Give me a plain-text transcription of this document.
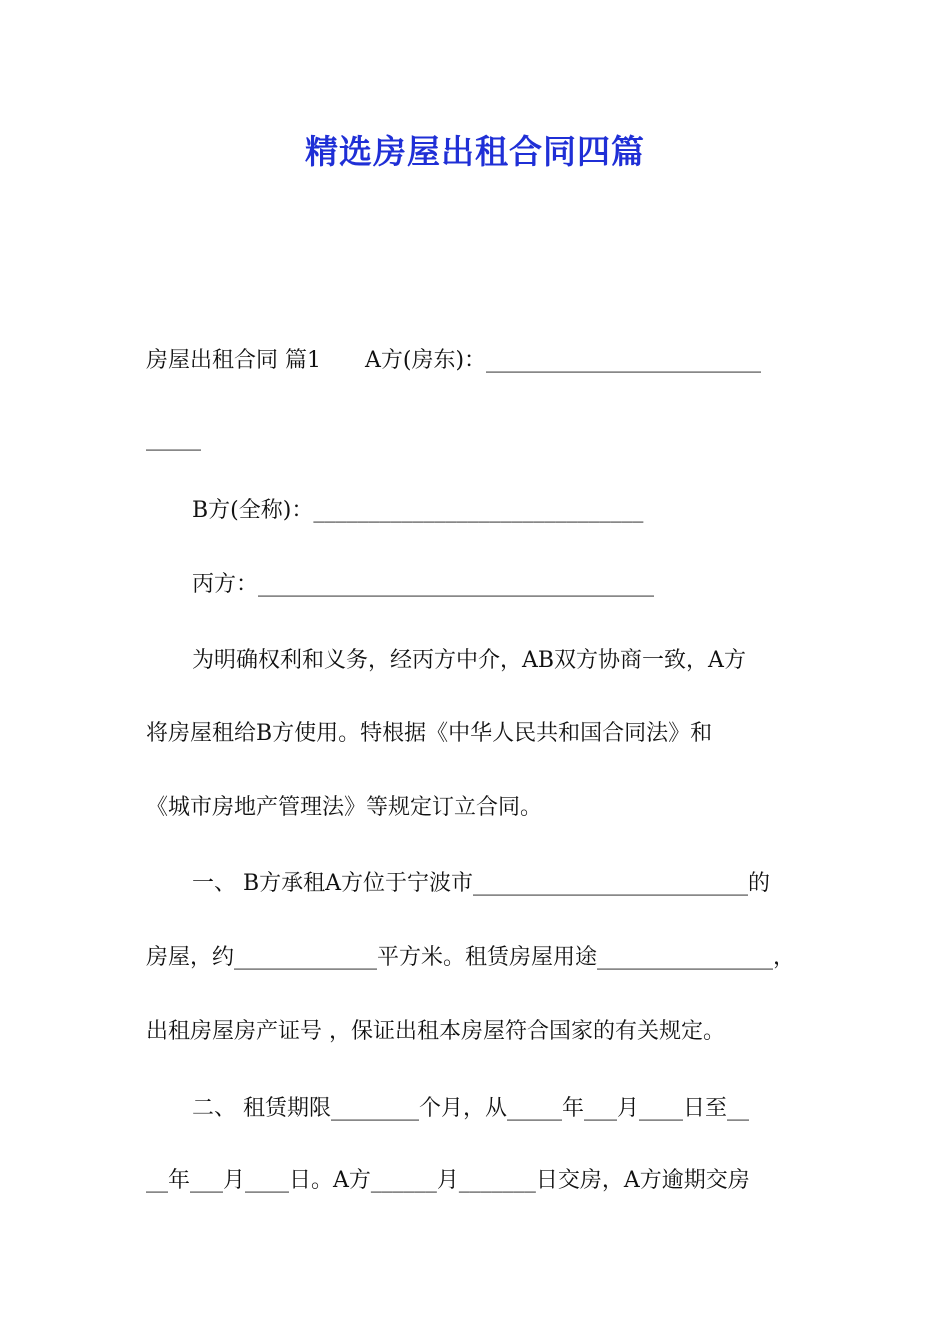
精选房屋出租合同四篇
房屋出租合同 篇1　　A方(房东)：_________________________
_____
B方(全称)：______________________________
丙方：____________________________________
为明确权利和义务，经丙方中介，AB双方协商一致，A方
将房屋租给B方使用。特根据《中华人民共和国合同法》和
《城市房地产管理法》等规定订立合同。
一、 B方承租A方位于宁波市_________________________的
房屋，约_____________平方米。租赁房屋用途________________，
出租房屋房产证号 ，保证出租本房屋符合国家的有关规定。
二、 租赁期限________个月，从_____年___月____日至__
__年___月____日。A方______月_______日交房，A方逾期交房
